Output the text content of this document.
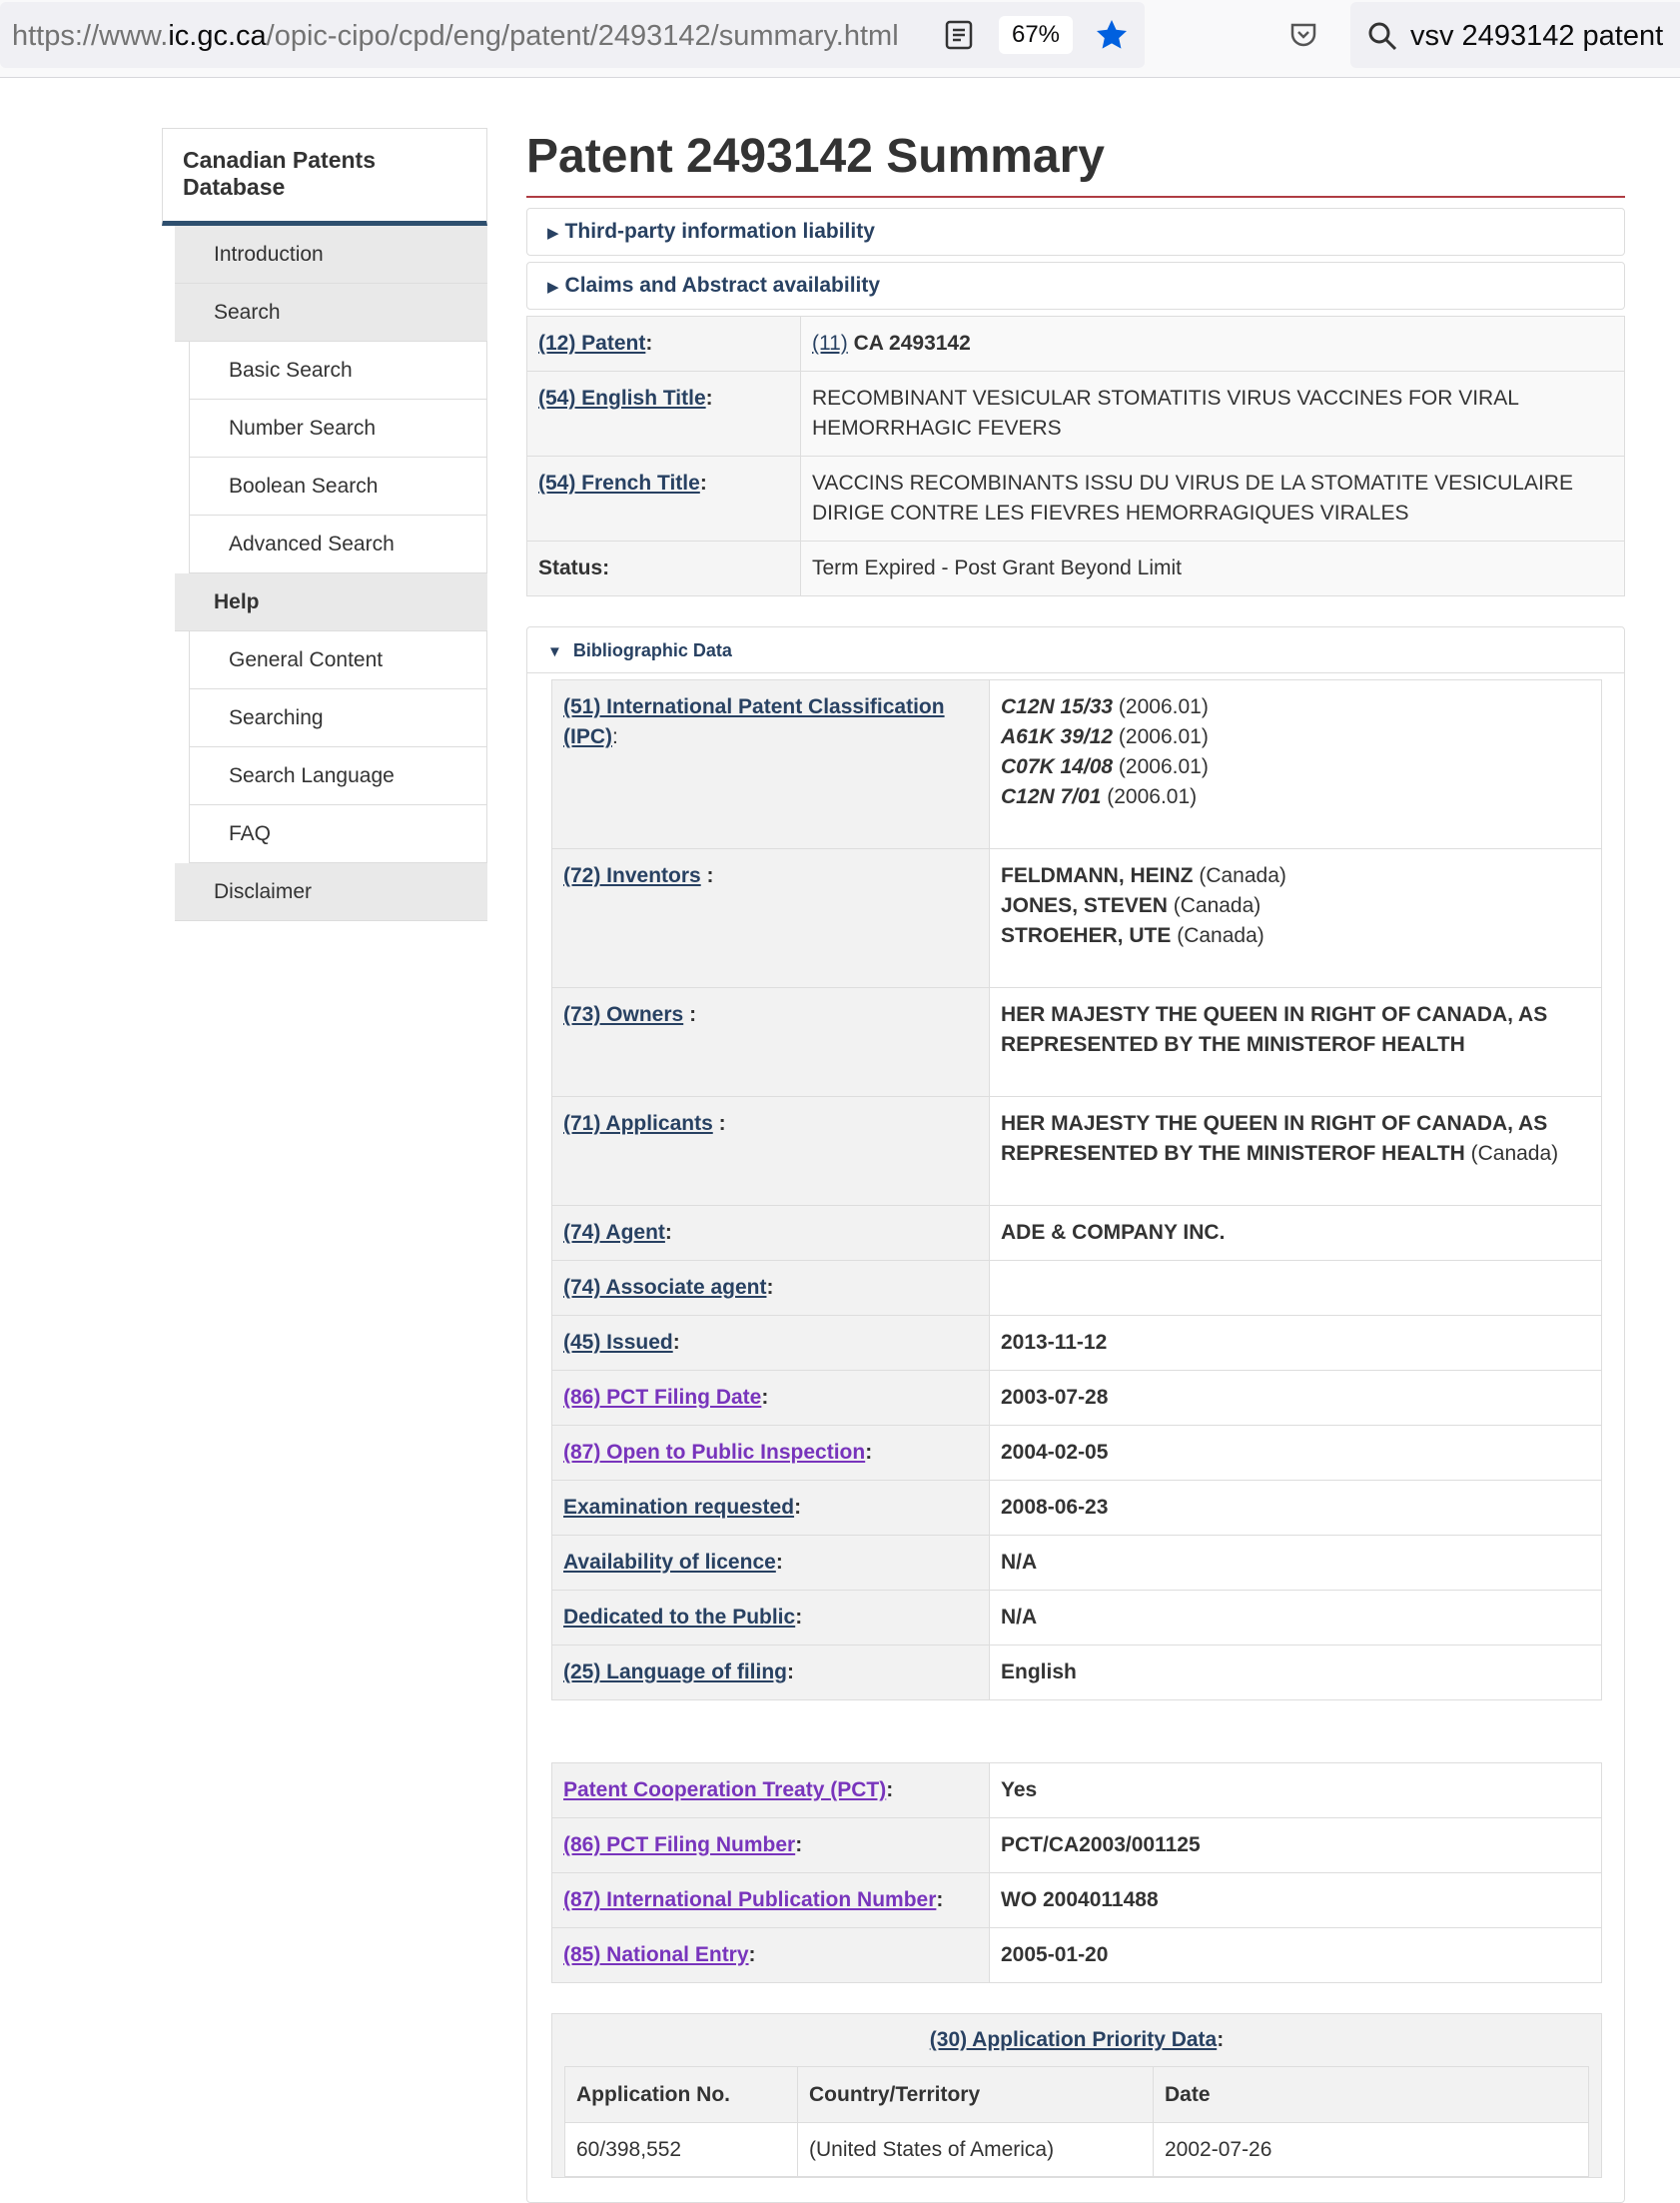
https://www.ic.gc.ca/opic-cipo/cpd/eng/patent/2493142/summary.html	67%	vsv 2493142 patent
Canadian Patents Database
Introduction
Search
Basic Search
Number Search
Boolean Search
Advanced Search
Help
General Content
Searching
Search Language
FAQ
Disclaimer
Patent 2493142 Summary
▶ Third-party information liability
▶ Claims and Abstract availability
(12) Patent:	(11) CA 2493142
(54) English Title:	RECOMBINANT VESICULAR STOMATITIS VIRUS VACCINES FOR VIRAL HEMORRHAGIC FEVERS
(54) French Title:	VACCINS RECOMBINANTS ISSU DU VIRUS DE LA STOMATITE VESICULAIRE DIRIGE CONTRE LES FIEVRES HEMORRAGIQUES VIRALES
Status:	Term Expired - Post Grant Beyond Limit
▼ Bibliographic Data
(51) International Patent Classification (IPC):	C12N 15/33 (2006.01)
A61K 39/12 (2006.01)
C07K 14/08 (2006.01)
C12N 7/01 (2006.01)

(72) Inventors :	FELDMANN, HEINZ (Canada)
JONES, STEVEN (Canada)
STROEHER, UTE (Canada)

(73) Owners :	HER MAJESTY THE QUEEN IN RIGHT OF CANADA, AS REPRESENTED BY THE MINISTEROF HEALTH
(71) Applicants :	HER MAJESTY THE QUEEN IN RIGHT OF CANADA, AS REPRESENTED BY THE MINISTEROF HEALTH (Canada)
(74) Agent:	ADE & COMPANY INC.
(74) Associate agent:	
(45) Issued:	2013-11-12
(86) PCT Filing Date:	2003-07-28
(87) Open to Public Inspection:	2004-02-05
Examination requested:	2008-06-23
Availability of licence:	N/A
Dedicated to the Public:	N/A
(25) Language of filing:	English
Patent Cooperation Treaty (PCT):	Yes
(86) PCT Filing Number:	PCT/CA2003/001125
(87) International Publication Number:	WO 2004011488
(85) National Entry:	2005-01-20
(30) Application Priority Data:
Application No.	Country/Territory	Date
60/398,552	(United States of America)	2002-07-26
